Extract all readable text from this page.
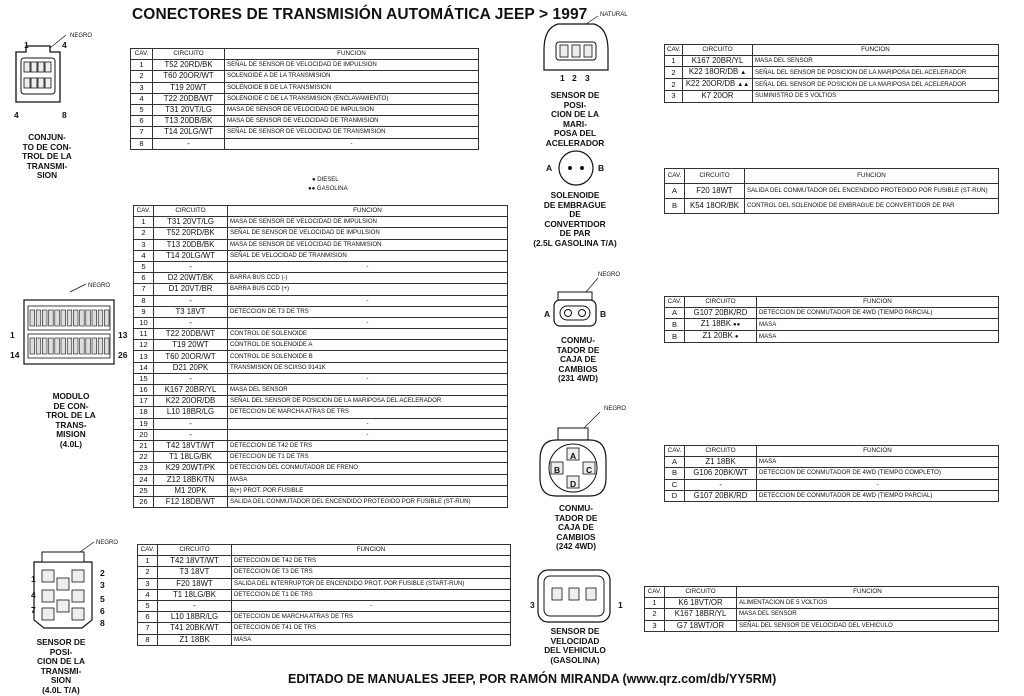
CONECTORES DE TRANSMISIÓN AUTOMÁTICA JEEP > 1997
EDITADO DE MANUALES JEEP, POR RAMÓN MIRANDA (www.qrz.com/db/YY5RM)
NEGRO
1	4
4	8
CONJUN-
TO DE CON-
TROL DE LA
TRANSMI-
SION	● DIESEL
●● GASOLINA
NEGRO
1	13
14	26
MODULO
DE CON-
TROL DE LA
TRANS-
MISION
(4.0L)
NEGRO
1
2
3
4	5
6
7
8
SENSOR DE
POSI-
CION DE LA
TRANSMI-
SION
(4.0L T/A)
NATURAL
1 2 3
SENSOR DE
POSI-
CION DE LA
MARI-
POSA DEL
ACELERADOR
A	B
SOLENOIDE
DE EMBRAGUE
DE
CONVERTIDOR
DE PAR
(2.5L GASOLINA T/A)
NEGRO
A	B
CONMU-
TADOR DE
CAJA DE
CAMBIOS
(231 4WD)
NEGRO
A
B	C
D
CONMU-
TADOR DE
CAJA DE
CAMBIOS
(242 4WD)
3	1
SENSOR DE
VELOCIDAD
DEL VEHICULO
(GASOLINA)
CAV.	CIRCUITO	FUNCION
1	T52 20RD/BK	SEÑAL DE SENSOR DE VELOCIDAD DE IMPULSION
2	T60 20OR/WT	SOLENOIDE A DE LA TRANSMISION
3	T19 20WT	SOLENOIDE B DE LA TRANSMISION
4	T22 20DB/WT	SOLENOIDE C DE LA TRANSMISION (ENCLAVAMIENTO)
5	T31 20VT/LG	MASA DE SENSOR DE VELOCIDAD DE IMPULSION
6	T13 20DB/BK	MASA DE SENSOR DE VELOCIDAD DE TRANMISION
7	T14 20LG/WT	SEÑAL DE SENSOR DE VELOCIDAD DE TRANSMISION
8	-	-
CAV.	CIRCUITO	FUNCION
1	T31 20VT/LG	MASA DE SENSOR DE VELOCIDAD DE IMPULSION
2	T52 20RD/BK	SEÑAL DE SENSOR DE VELOCIDAD DE IMPULSION
3	T13 20DB/BK	MASA DE SENSOR DE VELOCIDAD DE TRANMISION
4	T14 20LG/WT	SEÑAL DE VELOCIDAD DE TRANMISION
5	-	-
6	D2 20WT/BK	BARRA BUS CCD (-)
7	D1 20VT/BR	BARRA BUS CCD (+)
8	-	-
9	T3 18VT	DETECCION DE T3 DE TRS
10	-	-
11	T22 20DB/WT	CONTROL DE SOLENOIDE
12	T19 20WT	CONTROL DE SOLENOIDE A
13	T60 20OR/WT	CONTROL DE SOLENOIDE B
14	D21 20PK	TRANSMISION DE SCI/ISO 9141K
15	-	-
16	K167 20BR/YL	MASA DEL SENSOR
17	K22 20OR/DB	SEÑAL DEL SENSOR DE POSICION DE LA MARIPOSA DEL ACELERADOR
18	L10 18BR/LG	DETECCION DE MARCHA ATRAS DE TRS
19	-	-
20	-	-
21	T42 18VT/WT	DETECCION DE T42 DE TRS
22	T1 18LG/BK	DETECCION DE T1 DE TRS
23	K29 20WT/PK	DETECCION DEL CONMUTADOR DE FRENO
24	Z12 18BK/TN	MASA
25	M1 20PK	B(+) PROT. POR FUSIBLE
26	F12 18DB/WT	SALIDA DEL CONMUTADOR DEL ENCENDIDO PROTEGIDO POR FUSIBLE (ST-RUN)
CAV.	CIRCUITO	FUNCION
1	T42 18VT/WT	DETECCION DE T42 DE TRS
2	T3 18VT	DETECCION DE T3 DE TRS
3	F20 18WT	SALIDA DEL INTERRUPTOR DE ENCENDIDO PROT. POR FUSIBLE (START-RUN)
4	T1 18LG/BK	DETECCION DE T1 DE TRS
5	-	-
6	L10 18BR/LG	DETECCION DE MARCHA ATRAS DE TRS
7	T41 20BK/WT	DETECCION DE T41 DE TRS
8	Z1 18BK	MASA
CAV.	CIRCUITO	FUNCION
1	K167 20BR/YL	MASA DEL SENSOR
2	K22 18OR/DB ▲	SEÑAL DEL SENSOR DE POSICION DE LA MARIPOSA DEL ACELERADOR
2	K22 20OR/DB ▲▲	SEÑAL DEL SENSOR DE POSICION DE LA MARIPOSA DEL ACELERADOR
3	K7 20OR	SUMINISTRO DE 5 VOLTIOS
CAV.	CIRCUITO	FUNCION
A	F20 18WT	SALIDA DEL CONMUTADOR DEL ENCENDIDO PROTEGIDO POR FUSIBLE (ST-RUN)
B	K54 18OR/BK	CONTROL DEL SOLENOIDE DE EMBRAGUE DE CONVERTIDOR DE PAR
CAV.	CIRCUITO	FUNCION
A	G107 20BK/RD	DETECCION DE CONMUTADOR DE 4WD (TIEMPO PARCIAL)
B	Z1 18BK ●●	MASA
B	Z1 20BK ●	MASA
CAV.	CIRCUITO	FUNCION
A	Z1 18BK	MASA
B	G106 20BK/WT	DETECCION DE CONMUTADOR DE 4WD (TIEMPO COMPLETO)
C	-	-
D	G107 20BK/RD	DETECCION DE CONMUTADOR DE 4WD (TIEMPO PARCIAL)
CAV.	CIRCUITO	FUNCION
1	K6 18VT/OR	ALIMENTACION DE 5 VOLTIOS
2	K167 18BR/YL	MASA DEL SENSOR
3	G7 18WT/OR	SEÑAL DEL SENSOR DE VELOCIDAD DEL VEHICULO
